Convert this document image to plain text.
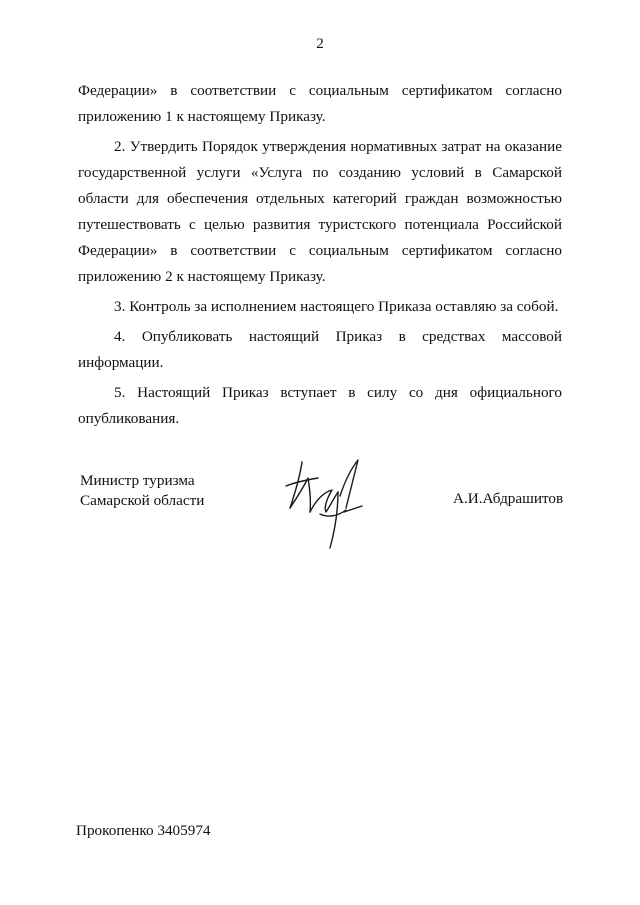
2
Федерации» в соответствии с социальным сертификатом согласно
приложению 1 к настоящему Приказу.
2. Утвердить Порядок утверждения нормативных затрат на оказание
государственной услуги «Услуга по созданию условий в Самарской
области для обеспечения отдельных категорий граждан возможностью
путешествовать с целью развития туристского потенциала Российской
Федерации» в соответствии с социальным сертификатом согласно
приложению 2 к настоящему Приказу.
3. Контроль за исполнением настоящего Приказа оставляю за собой.
4. Опубликовать настоящий Приказ в средствах массовой
информации.
5. Настоящий Приказ вступает в силу со дня официального
опубликования.
Министр туризма
Самарской области	А.И.Абдрашитов
Прокопенко 3405974
